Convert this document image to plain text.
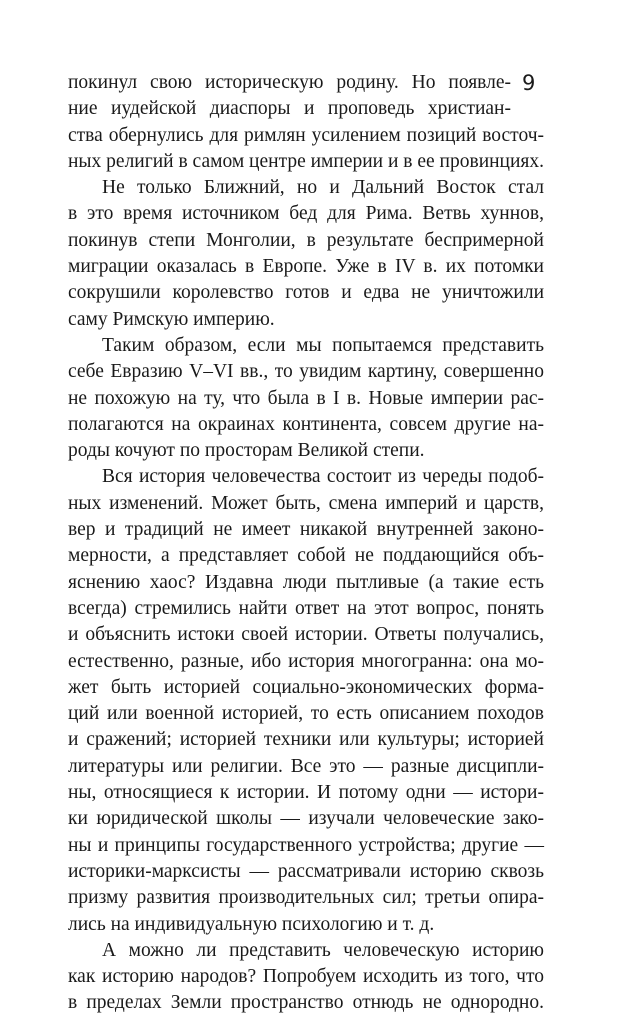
9
покинул свою историческую родину. Но появле-
ние иудейской диаспоры и проповедь христиан-
ства обернулись для римлян усилением позиций восточ-
ных религий в самом центре империи и в ее провинциях.
Не только Ближний, но и Дальний Восток стал
в это время источником бед для Рима. Ветвь хуннов,
покинув степи Монголии, в результате беспримерной
миграции оказалась в Европе. Уже в IV в. их потомки
сокрушили королевство готов и едва не уничтожили
саму Римскую империю.
Таким образом, если мы попытаемся представить
себе Евразию V–VI вв., то увидим картину, совершенно
не похожую на ту, что была в I в. Новые империи рас-
полагаются на окраинах континента, совсем другие на-
роды кочуют по просторам Великой степи.
Вся история человечества состоит из череды подоб-
ных изменений. Может быть, смена империй и царств,
вер и традиций не имеет никакой внутренней законо-
мерности, а представляет собой не поддающийся объ-
яснению хаос? Издавна люди пытливые (а такие есть
всегда) стремились найти ответ на этот вопрос, понять
и объяснить истоки своей истории. Ответы получались,
естественно, разные, ибо история многогранна: она мо-
жет быть историей социально-экономических форма-
ций или военной историей, то есть описанием походов
и сражений; историей техники или культуры; историей
литературы или религии. Все это — разные дисципли-
ны, относящиеся к истории. И потому одни — истори-
ки юридической школы — изучали человеческие зако-
ны и принципы государственного устройства; другие —
историки-марксисты — рассматривали историю сквозь
призму развития производительных сил; третьи опира-
лись на индивидуальную психологию и т. д.
А можно ли представить человеческую историю
как историю народов? Попробуем исходить из того, что
в пределах Земли пространство отнюдь не однородно.
